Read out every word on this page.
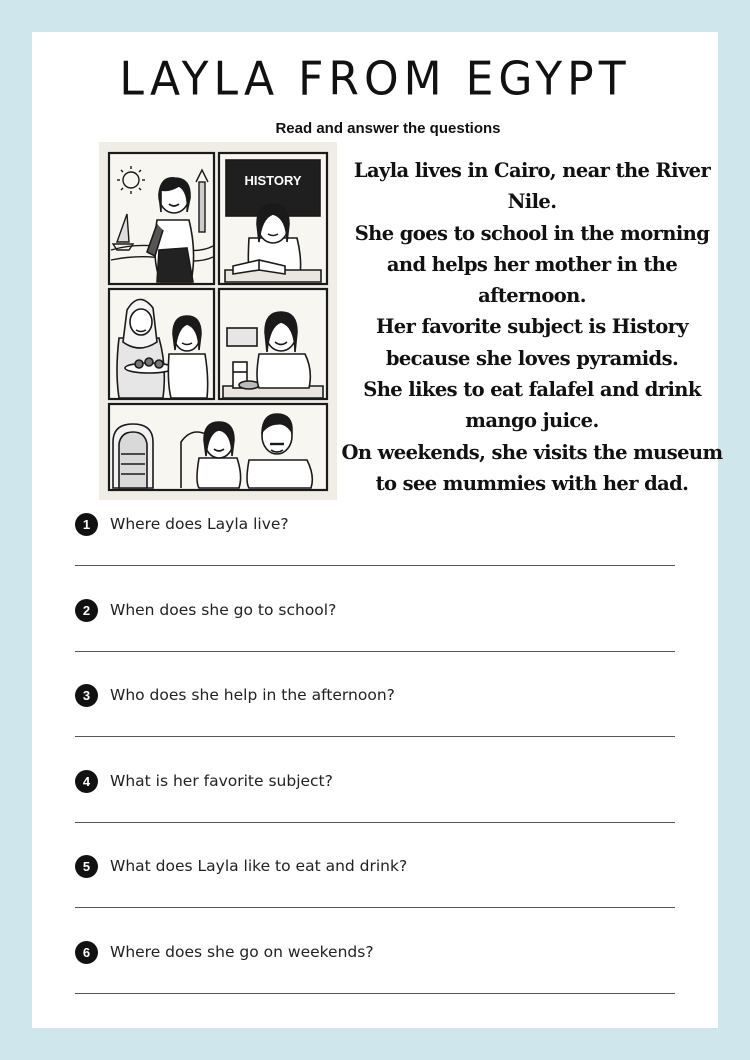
LAYLA FROM EGYPT
Read and answer the questions
HISTORY	Layla lives in Cairo, near the River
Nile.
She goes to school in the morning
and helps her mother in the
afternoon.
Her favorite subject is History
because she loves pyramids.
She likes to eat falafel and drink
mango juice.
On weekends, she visits the museum
to see mummies with her dad.
1	Where does Layla live?
2	When does she go to school?
3	Who does she help in the afternoon?
4	What is her favorite subject?
5	What does Layla like to eat and drink?
6	Where does she go on weekends?
